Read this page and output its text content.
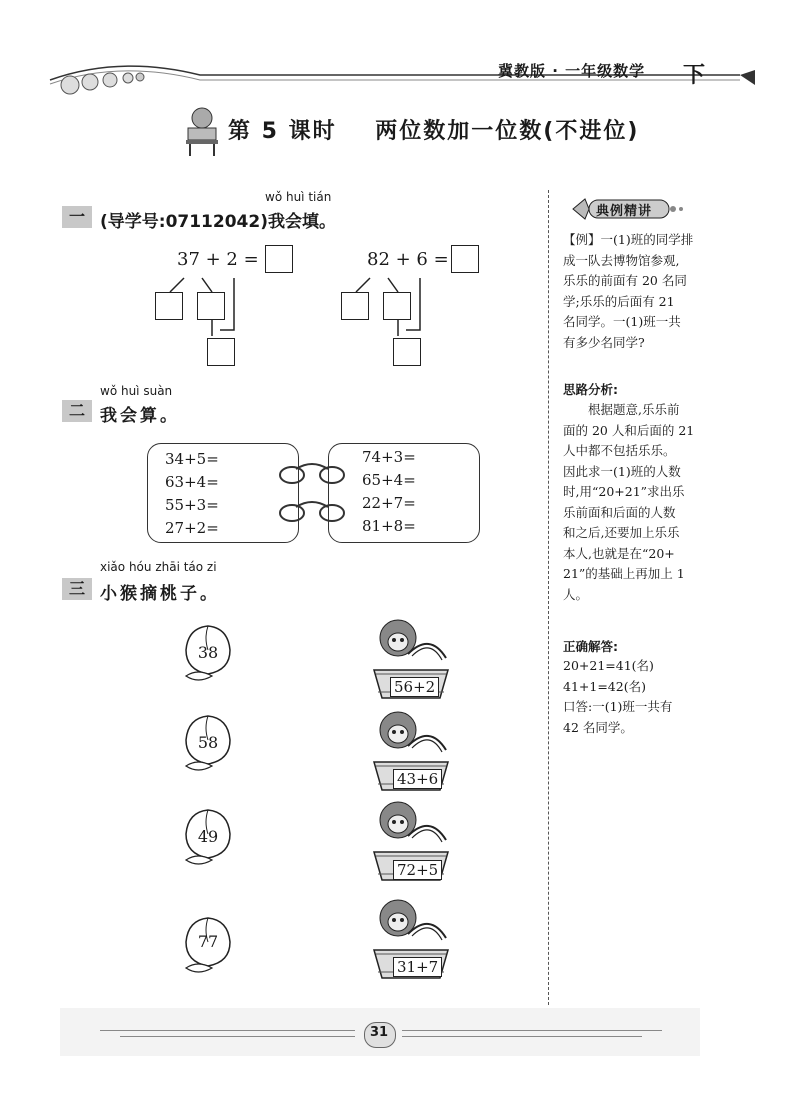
冀教版 · 一年级数学 下
第 5 课时    两位数加一位数(不进位)
wǒ huì tián
一 (导学号:07112042)我会填。
37 + 2 =	82 + 6 =
wǒ huì suàn
二 我会算。
34+5=
63+4=
55+3=
27+2=
74+3=
65+4=
22+7=
81+8=
xiǎo hóu zhāi táo zi
三 小猴摘桃子。
38
58
49
77
56+2
43+6
72+5
31+7
典例精讲
【例】一(1)班的同学排
成一队去博物馆参观,
乐乐的前面有 20 名同
学;乐乐的后面有 21
名同学。一(1)班一共
有多少名同学?
思路分析:
　　根据题意,乐乐前
面的 20 人和后面的 21
人中都不包括乐乐。
因此求一(1)班的人数
时,用“20+21”求出乐
乐前面和后面的人数
和之后,还要加上乐乐
本人,也就是在“20+
21”的基础上再加上 1
人。
正确解答:
20+21=41(名)
41+1=42(名)
口答:一(1)班一共有
42 名同学。
31
